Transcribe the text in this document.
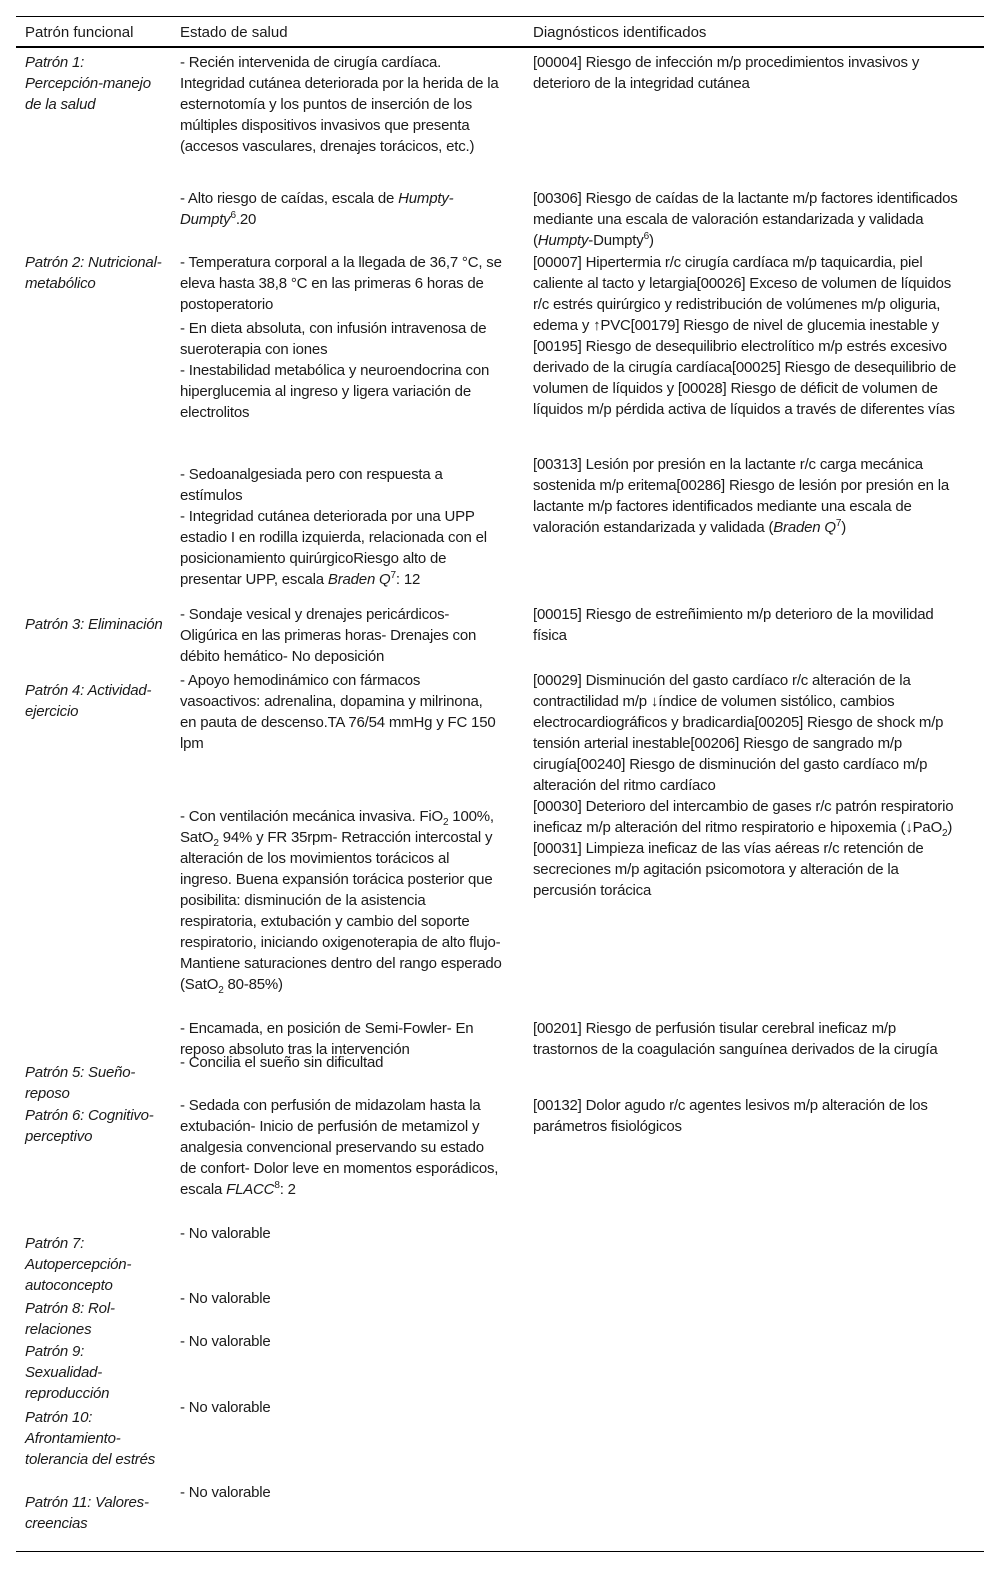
Patrón funcional	Estado de salud	Diagnósticos identificados
Patrón 1: Percepción-manejo de la salud
- Recién intervenida de cirugía cardíaca. Integridad cutánea deteriorada por la herida de la esternotomía y los puntos de inserción de los múltiples dispositivos invasivos que presenta (accesos vasculares, drenajes torácicos, etc.)
[00004] Riesgo de infección m/p procedimientos invasivos y deterioro de la integridad cutánea
- Alto riesgo de caídas, escala de Humpty-Dumpty$^6$.20
[00306] Riesgo de caídas de la lactante m/p factores identificados mediante una escala de valoración estandarizada y validada (Humpty-Dumpty$^6$)
Patrón 2: Nutricional-metabólico
- Temperatura corporal a la llegada de 36,7 °C, se eleva hasta 38,8 °C en las primeras 6 horas de postoperatorio
[00007] Hipertermia r/c cirugía cardíaca m/p taquicardia, piel caliente al tacto y letargia[00026] Exceso de volumen de líquidos r/c estrés quirúrgico y redistribución de volúmenes m/p oliguria, edema y ↑PVC[00179] Riesgo de nivel de glucemia inestable y [00195] Riesgo de desequilibrio electrolítico m/p estrés excesivo derivado de la cirugía cardíaca[00025] Riesgo de desequilibrio de volumen de líquidos y [00028] Riesgo de déficit de volumen de líquidos m/p pérdida activa de líquidos a través de diferentes vías
- En dieta absoluta, con infusión intravenosa de sueroterapia con iones
- Inestabilidad metabólica y neuroendocrina con hiperglucemia al ingreso y ligera variación de electrolitos
- Sedoanalgesiada pero con respuesta a estímulos
[00313] Lesión por presión en la lactante r/c carga mecánica sostenida m/p eritema[00286] Riesgo de lesión por presión en la lactante m/p factores identificados mediante una escala de valoración estandarizada y validada (Braden $Q^7$)
- Integridad cutánea deteriorada por una UPP estadio I en rodilla izquierda, relacionada con el posicionamiento quirúrgicoRiesgo alto de presentar UPP, escala Braden $Q^7$: 12
Patrón 3: Eliminación
- Sondaje vesical y drenajes pericárdicos- Oligúrica en las primeras horas- Drenajes con débito hemático- No deposición
[00015] Riesgo de estreñimiento m/p deterioro de la movilidad física
Patrón 4: Actividad-ejercicio
- Apoyo hemodinámico con fármacos vasoactivos: adrenalina, dopamina y milrinona, en pauta de descenso.TA 76/54 mmHg y FC 150 lpm
[00029] Disminución del gasto cardíaco r/c alteración de la contractilidad m/p ↓índice de volumen sistólico, cambios electrocardiográficos y bradicardia[00205] Riesgo de shock m/p tensión arterial inestable[00206] Riesgo de sangrado m/p cirugía[00240] Riesgo de disminución del gasto cardíaco m/p alteración del ritmo cardíaco
- Con ventilación mecánica invasiva. FiO$_2$ 100%, SatO$_2$ 94% y FR 35rpm- Retracción intercostal y alteración de los movimientos torácicos al ingreso. Buena expansión torácica posterior que posibilita: disminución de la asistencia respiratoria, extubación y cambio del soporte respiratorio, iniciando oxigenoterapia de alto flujo- Mantiene saturaciones dentro del rango esperado (SatO$_2$ 80-85%)
[00030] Deterioro del intercambio de gases r/c patrón respiratorio ineficaz m/p alteración del ritmo respiratorio e hipoxemia (↓PaO$_2$)[00031] Limpieza ineficaz de las vías aéreas r/c retención de secreciones m/p agitación psicomotora y alteración de la percusión torácica
- Encamada, en posición de Semi-Fowler- En reposo absoluto tras la intervención
[00201] Riesgo de perfusión tisular cerebral ineficaz m/p trastornos de la coagulación sanguínea derivados de la cirugía
Patrón 5: Sueño-reposo
- Concilia el sueño sin dificultad
Patrón 6: Cognitivo-perceptivo
- Sedada con perfusión de midazolam hasta la extubación- Inicio de perfusión de metamizol y analgesia convencional preservando su estado de confort- Dolor leve en momentos esporádicos, escala FLACC$^8$: 2
[00132] Dolor agudo r/c agentes lesivos m/p alteración de los parámetros fisiológicos
Patrón 7: Autopercepción-autoconcepto
- No valorable
Patrón 8: Rol-relaciones
- No valorable
Patrón 9: Sexualidad-reproducción
- No valorable
Patrón 10: Afrontamiento-tolerancia del estrés
- No valorable
Patrón 11: Valores-creencias
- No valorable
